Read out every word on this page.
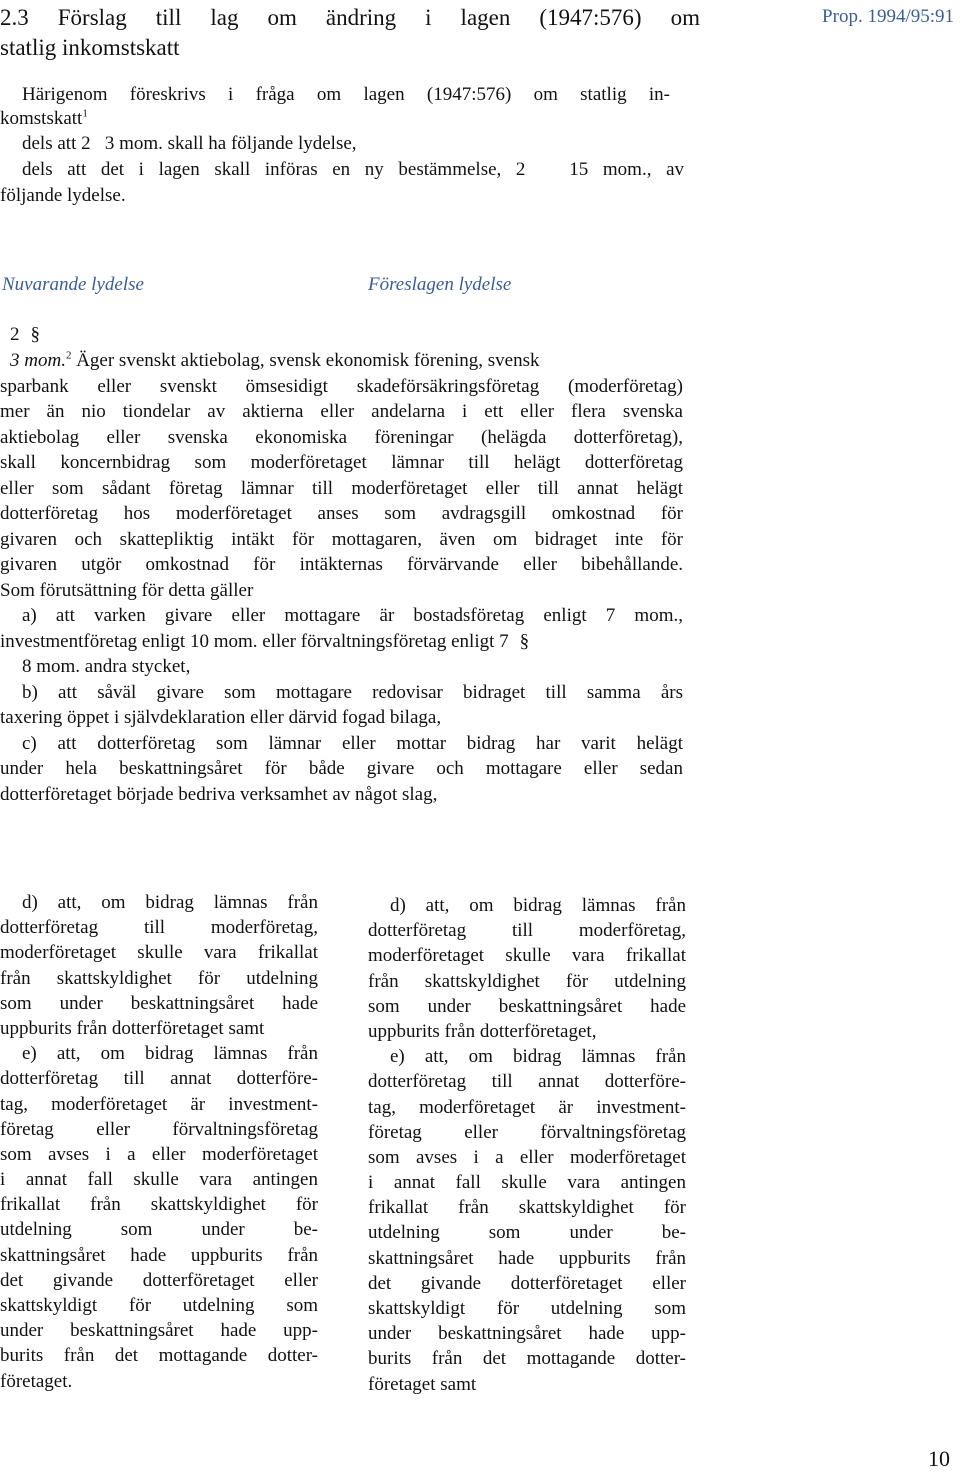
2.3 Förslag till lag om ändring i lagen (1947:576) om
statlig inkomstskatt
Prop. 1994/95:91
Härigenom föreskrivs i fråga om lagen (1947:576) om statlig in-
komstskatt$^1$
dels att 2   3 mom. skall ha följande lydelse,
dels att det i lagen skall införas en ny bestämmelse, 2   15 mom., av
följande lydelse.
Nuvarande lydelse	Föreslagen lydelse
2 §
3 mom.$^2$ Äger svenskt aktiebolag, svensk ekonomisk förening, svensk
sparbank eller svenskt ömsesidigt skadeförsäkringsföretag (moderföretag)
mer än nio tiondelar av aktierna eller andelarna i ett eller flera svenska
aktiebolag eller svenska ekonomiska föreningar (helägda dotterföretag),
skall koncernbidrag som moderföretaget lämnar till helägt dotterföretag
eller som sådant företag lämnar till moderföretaget eller till annat helägt
dotterföretag hos moderföretaget anses som avdragsgill omkostnad för
givaren och skattepliktig intäkt för mottagaren, även om bidraget inte för
givaren utgör omkostnad för intäkternas förvärvande eller bibehållande.
Som förutsättning för detta gäller
a) att varken givare eller mottagare är bostadsföretag enligt 7 mom.,
investmentföretag enligt 10 mom. eller förvaltningsföretag enligt 7 §
8 mom. andra stycket,
b) att såväl givare som mottagare redovisar bidraget till samma års
taxering öppet i självdeklaration eller därvid fogad bilaga,
c) att dotterföretag som lämnar eller mottar bidrag har varit helägt
under hela beskattningsåret för både givare och mottagare eller sedan
dotterföretaget började bedriva verksamhet av något slag,
d) att, om bidrag lämnas från
dotterföretag till moderföretag,
moderföretaget skulle vara frikallat
från skattskyldighet för utdelning
som under beskattningsåret hade
uppburits från dotterföretaget samt
e) att, om bidrag lämnas från
dotterföretag till annat dotterföre-
tag, moderföretaget är investment-
företag eller förvaltningsföretag
som avses i a eller moderföretaget
i annat fall skulle vara antingen
frikallat från skattskyldighet för
utdelning som under be-
skattningsåret hade uppburits från
det givande dotterföretaget eller
skattskyldigt för utdelning som
under beskattningsåret hade upp-
burits från det mottagande dotter-
företaget.
d) att, om bidrag lämnas från
dotterföretag till moderföretag,
moderföretaget skulle vara frikallat
från skattskyldighet för utdelning
som under beskattningsåret hade
uppburits från dotterföretaget,
e) att, om bidrag lämnas från
dotterföretag till annat dotterföre-
tag, moderföretaget är investment-
företag eller förvaltningsföretag
som avses i a eller moderföretaget
i annat fall skulle vara antingen
frikallat från skattskyldighet för
utdelning som under be-
skattningsåret hade uppburits från
det givande dotterföretaget eller
skattskyldigt för utdelning som
under beskattningsåret hade upp-
burits från det mottagande dotter-
företaget samt
10
